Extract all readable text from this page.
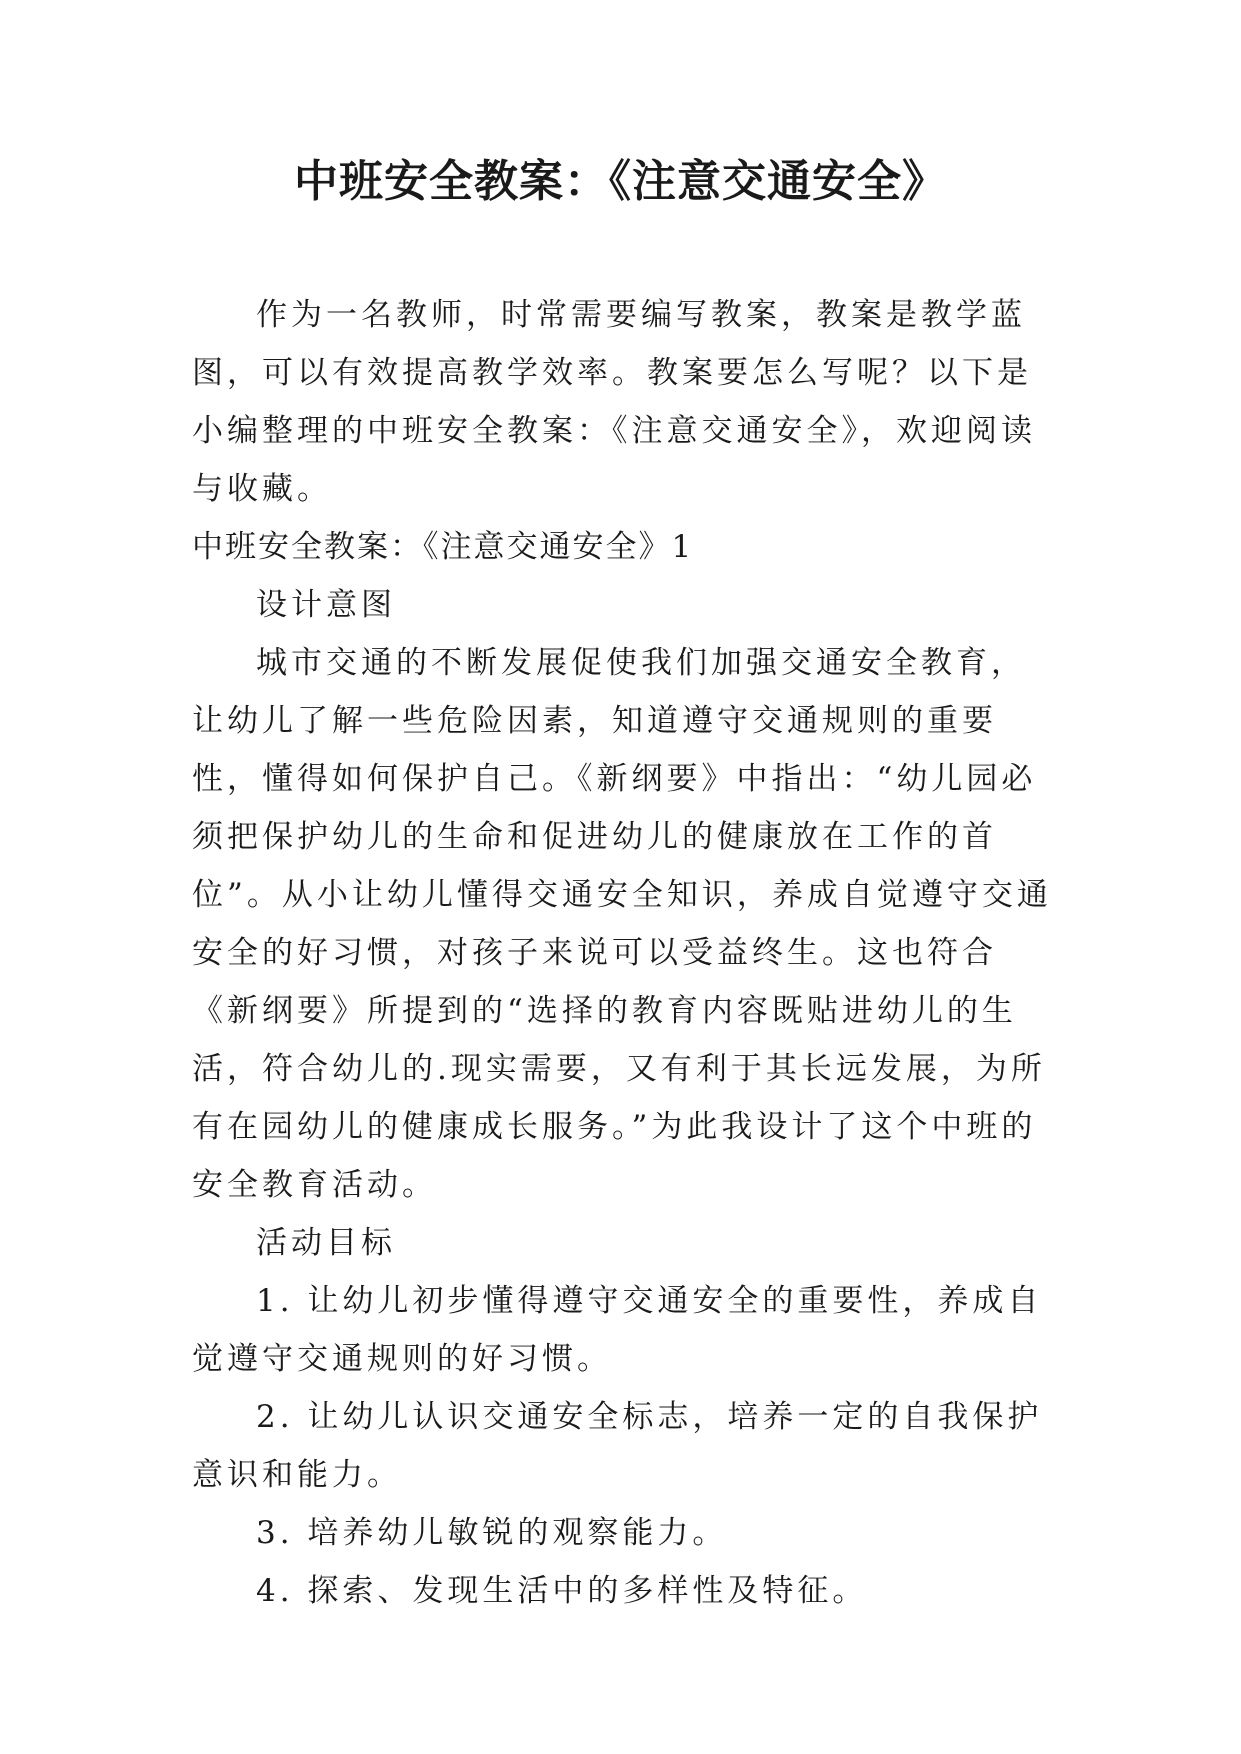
中班安全教案：《注意交通安全》

作为一名教师，时常需要编写教案，教案是教学蓝图，可以有效提高教学效率。教案要怎么写呢？以下是小编整理的中班安全教案：《注意交通安全》，欢迎阅读与收藏。

中班安全教案：《注意交通安全》1

设计意图

城市交通的不断发展促使我们加强交通安全教育，让幼儿了解一些危险因素，知道遵守交通规则的重要性，懂得如何保护自己。《新纲要》中指出：“幼儿园必须把保护幼儿的生命和促进幼儿的健康放在工作的首位”。从小让幼儿懂得交通安全知识，养成自觉遵守交通安全的好习惯，对孩子来说可以受益终生。这也符合《新纲要》所提到的“选择的教育内容既贴进幼儿的生活，符合幼儿的.现实需要，又有利于其长远发展，为所有在园幼儿的健康成长服务。”为此我设计了这个中班的安全教育活动。

活动目标

1. 让幼儿初步懂得遵守交通安全的重要性，养成自觉遵守交通规则的好习惯。

2. 让幼儿认识交通安全标志，培养一定的自我保护意识和能力。

3. 培养幼儿敏锐的观察能力。

4. 探索、发现生活中的多样性及特征。
